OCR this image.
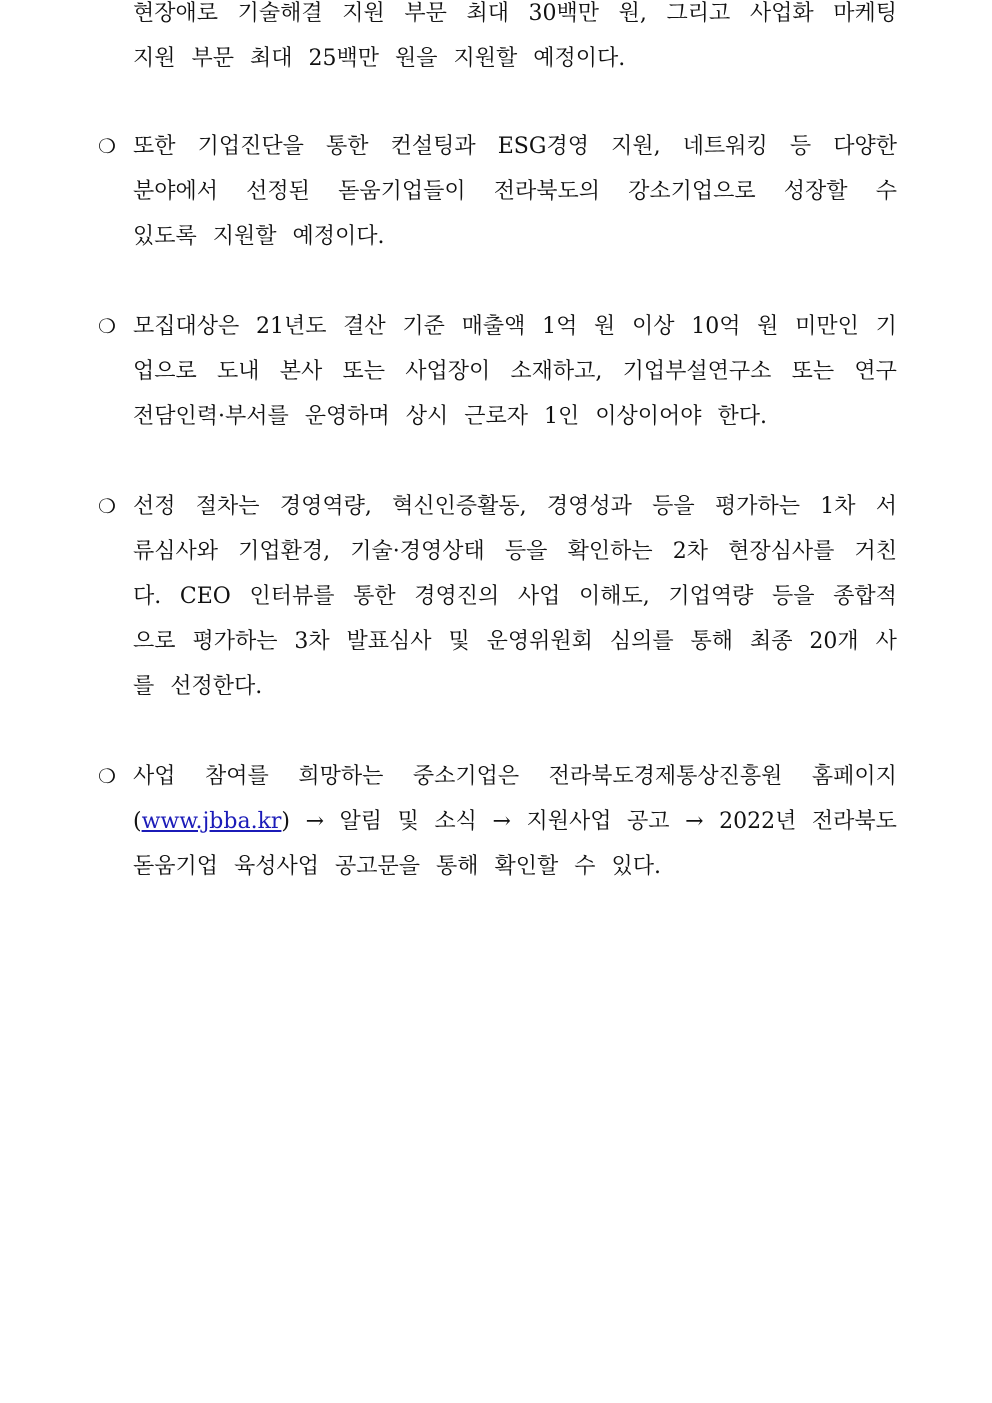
현장애로 기술해결 지원 부문 최대 30백만 원, 그리고 사업화 마케팅
지원 부문 최대 25백만 원을 지원할 예정이다.
❍ 또한 기업진단을 통한 컨설팅과 ESG경영 지원, 네트워킹 등 다양한
분야에서 선정된 돋움기업들이 전라북도의 강소기업으로 성장할 수
있도록 지원할 예정이다.
❍ 모집대상은 21년도 결산 기준 매출액 1억 원 이상 10억 원 미만인 기
업으로 도내 본사 또는 사업장이 소재하고, 기업부설연구소 또는 연구
전담인력·부서를 운영하며 상시 근로자 1인 이상이어야 한다.
❍ 선정 절차는 경영역량, 혁신인증활동, 경영성과 등을 평가하는 1차 서
류심사와 기업환경, 기술·경영상태 등을 확인하는 2차 현장심사를 거친
다. CEO 인터뷰를 통한 경영진의 사업 이해도, 기업역량 등을 종합적
으로 평가하는 3차 발표심사 및 운영위원회 심의를 통해 최종 20개 사
를 선정한다.
❍ 사업 참여를 희망하는 중소기업은 전라북도경제통상진흥원 홈페이지
(www.jbba.kr) → 알림 및 소식 → 지원사업 공고 → 2022년 전라북도
돋움기업 육성사업 공고문을 통해 확인할 수 있다.
